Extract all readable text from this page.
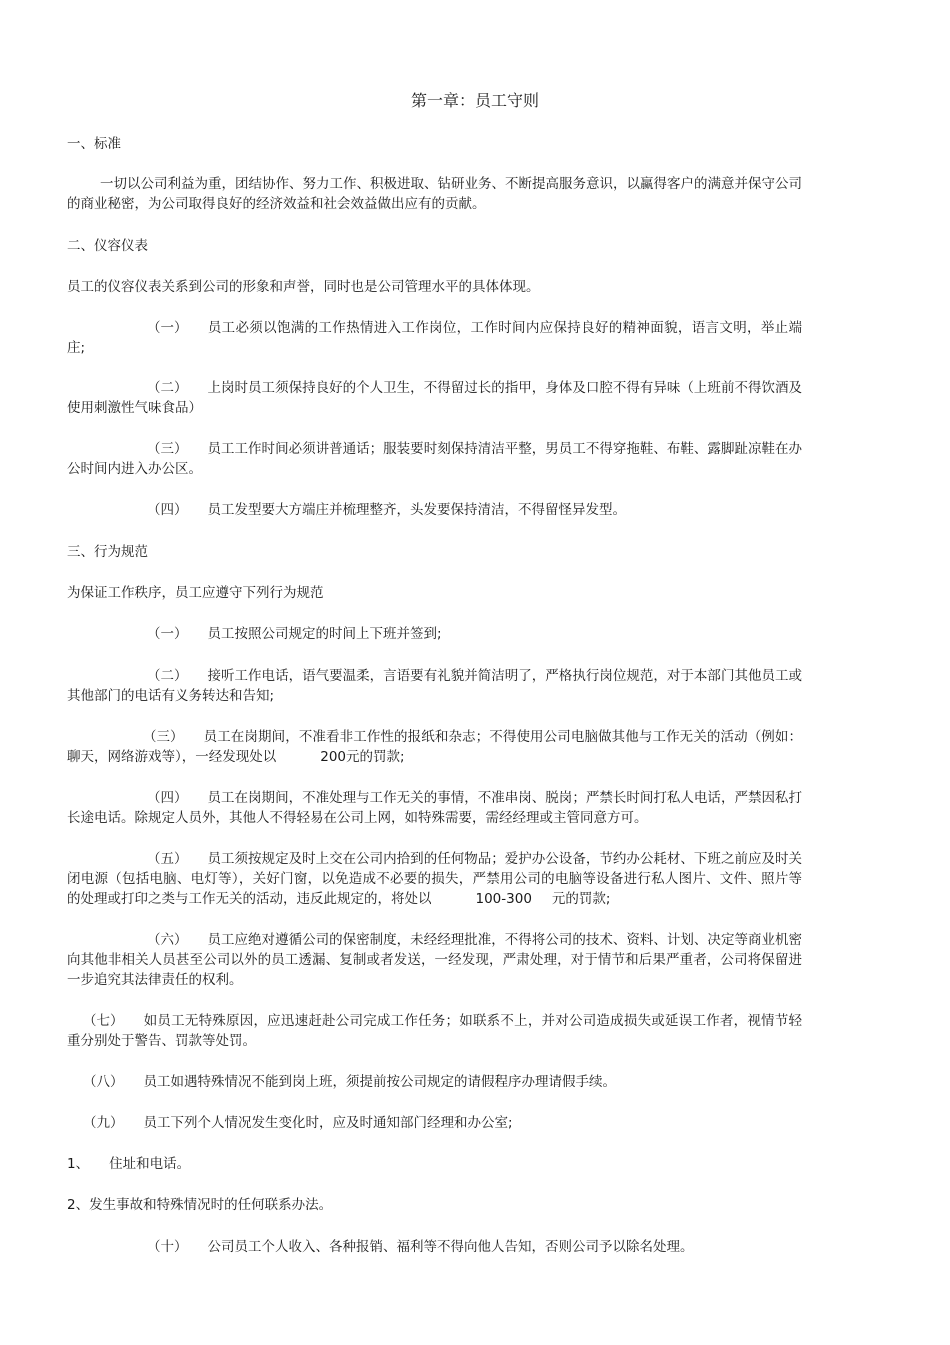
第一章：员工守则
一、标准
一切以公司利益为重，团结协作、努力工作、积极进取、钻研业务、不断提高服务意识，以赢得客户的满意并保守公司的商业秘密，为公司取得良好的经济效益和社会效益做出应有的贡献。
二、仪容仪表
员工的仪容仪表关系到公司的形象和声誉，同时也是公司管理水平的具体体现。
（一） 员工必须以饱满的工作热情进入工作岗位，工作时间内应保持良好的精神面貌，语言文明，举止端庄;
（二） 上岗时员工须保持良好的个人卫生，不得留过长的指甲，身体及口腔不得有异味（上班前不得饮酒及使用刺激性气味食品）
（三） 员工工作时间必须讲普通话；服装要时刻保持清洁平整，男员工不得穿拖鞋、布鞋、露脚趾凉鞋在办公时间内进入办公区。
（四） 员工发型要大方端庄并梳理整齐，头发要保持清洁，不得留怪异发型。
三、行为规范
为保证工作秩序，员工应遵守下列行为规范
（一） 员工按照公司规定的时间上下班并签到;
（二） 接听工作电话，语气要温柔，言语要有礼貌并简洁明了，严格执行岗位规范，对于本部门其他员工或其他部门的电话有义务转达和告知;
（三） 员工在岗期间，不准看非工作性的报纸和杂志；不得使用公司电脑做其他与工作无关的活动（例如：聊天，网络游戏等），一经发现处以	200元的罚款;
（四） 员工在岗期间，不准处理与工作无关的事情，不准串岗、脱岗；严禁长时间打私人电话，严禁因私打长途电话。除规定人员外，其他人不得轻易在公司上网，如特殊需要，需经经理或主管同意方可。
（五） 员工须按规定及时上交在公司内拾到的任何物品；爱护办公设备，节约办公耗材、下班之前应及时关闭电源（包括电脑、电灯等），关好门窗，以免造成不必要的损失，严禁用公司的电脑等设备进行私人图片、文件、照片等的处理或打印之类与工作无关的活动，违反此规定的，将处以	100-300 元的罚款;
（六） 员工应绝对遵循公司的保密制度，未经经理批准，不得将公司的技术、资料、计划、决定等商业机密向其他非相关人员甚至公司以外的员工透漏、复制或者发送，一经发现，严肃处理，对于情节和后果严重者，公司将保留进一步追究其法律责任的权利。
（七） 如员工无特殊原因，应迅速赶赴公司完成工作任务；如联系不上，并对公司造成损失或延误工作者，视情节轻重分别处于警告、罚款等处罚。
（八） 员工如遇特殊情况不能到岗上班，须提前按公司规定的请假程序办理请假手续。
（九） 员工下列个人情况发生变化时，应及时通知部门经理和办公室;
1、 住址和电话。
2、发生事故和特殊情况时的任何联系办法。
（十） 公司员工个人收入、各种报销、福利等不得向他人告知，否则公司予以除名处理。
